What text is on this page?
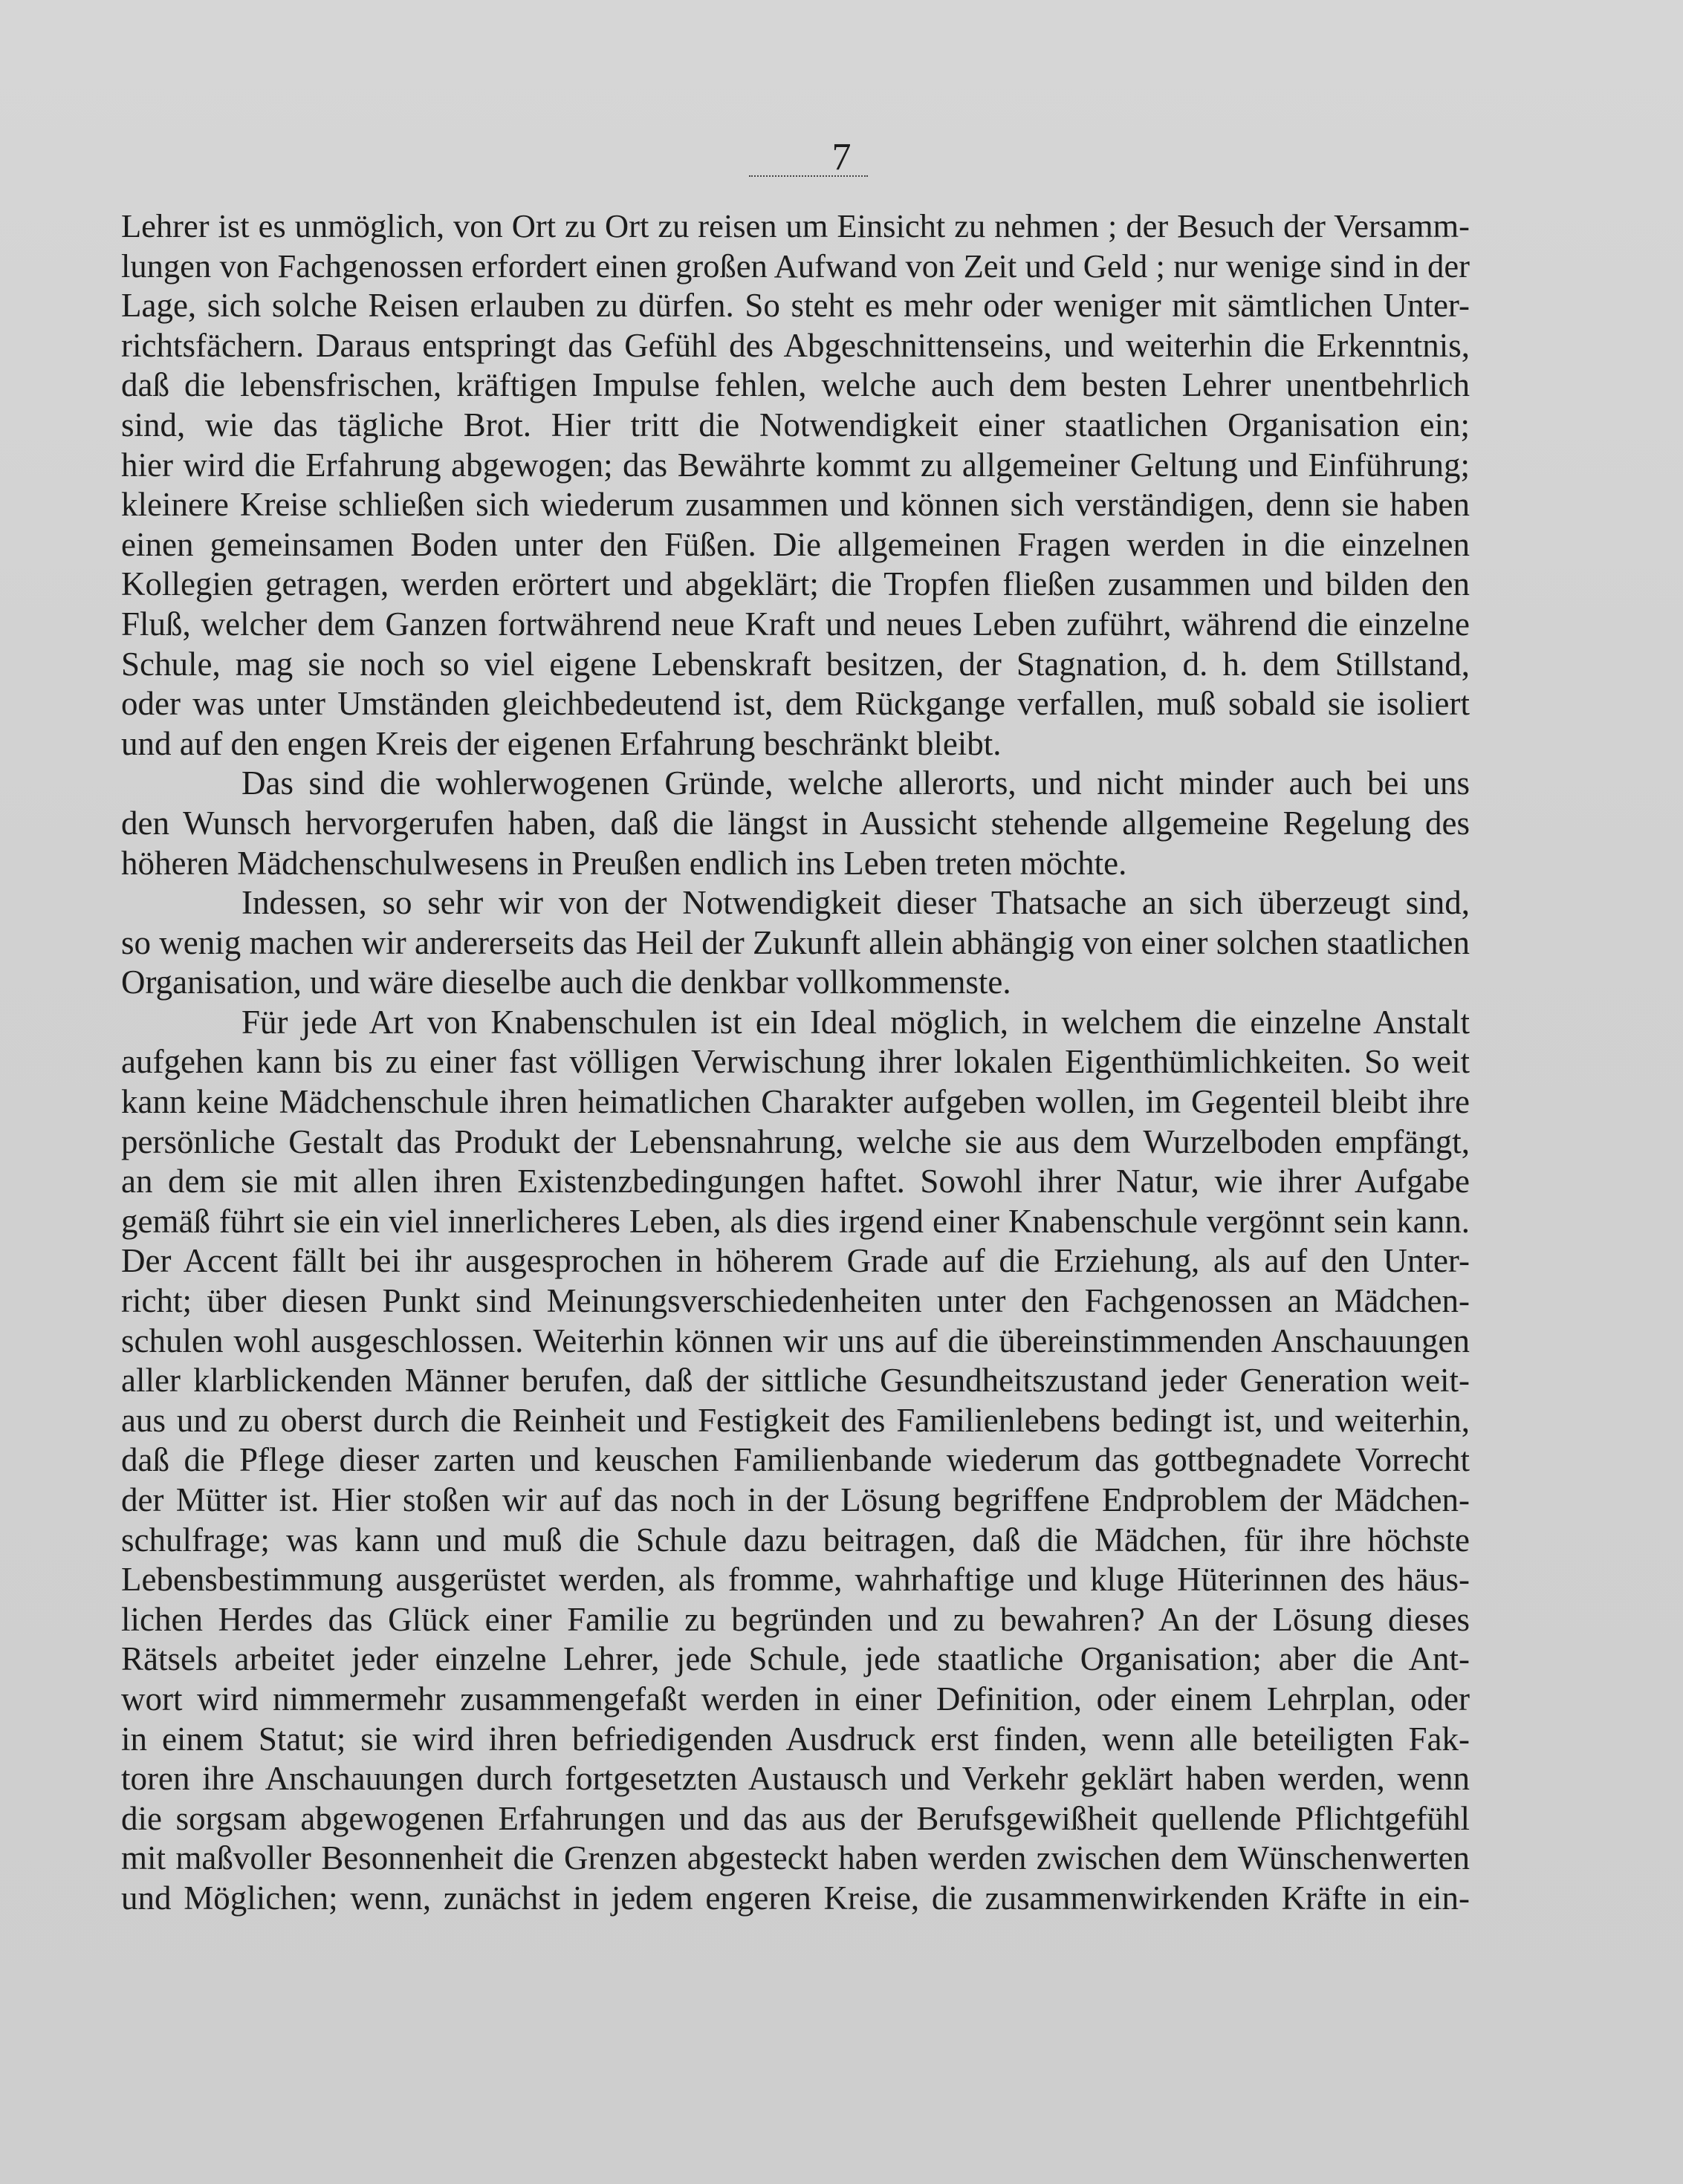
7
Lehrer ist es unmöglich, von Ort zu Ort zu reisen um Einsicht zu nehmen ; der Besuch der Versamm-
lungen von Fachgenossen erfordert einen großen Aufwand von Zeit und Geld ; nur wenige sind in der
Lage, sich solche Reisen erlauben zu dürfen. So steht es mehr oder weniger mit sämtlichen Unter-
richtsfächern. Daraus entspringt das Gefühl des Abgeschnittenseins, und weiterhin die Erkenntnis,
daß die lebensfrischen, kräftigen Impulse fehlen, welche auch dem besten Lehrer unentbehrlich
sind, wie das tägliche Brot. Hier tritt die Notwendigkeit einer staatlichen Organisation ein;
hier wird die Erfahrung abgewogen; das Bewährte kommt zu allgemeiner Geltung und Einführung;
kleinere Kreise schließen sich wiederum zusammen und können sich verständigen, denn sie haben
einen gemeinsamen Boden unter den Füßen. Die allgemeinen Fragen werden in die einzelnen
Kollegien getragen, werden erörtert und abgeklärt; die Tropfen fließen zusammen und bilden den
Fluß, welcher dem Ganzen fortwährend neue Kraft und neues Leben zuführt, während die einzelne
Schule, mag sie noch so viel eigene Lebenskraft besitzen, der Stagnation, d. h. dem Stillstand,
oder was unter Umständen gleichbedeutend ist, dem Rückgange verfallen, muß sobald sie isoliert
und auf den engen Kreis der eigenen Erfahrung beschränkt bleibt.
Das sind die wohlerwogenen Gründe, welche allerorts, und nicht minder auch bei uns
den Wunsch hervorgerufen haben, daß die längst in Aussicht stehende allgemeine Regelung des
höheren Mädchenschulwesens in Preußen endlich ins Leben treten möchte.
Indessen, so sehr wir von der Notwendigkeit dieser Thatsache an sich überzeugt sind,
so wenig machen wir andererseits das Heil der Zukunft allein abhängig von einer solchen staatlichen
Organisation, und wäre dieselbe auch die denkbar vollkommenste.
Für jede Art von Knabenschulen ist ein Ideal möglich, in welchem die einzelne Anstalt
aufgehen kann bis zu einer fast völligen Verwischung ihrer lokalen Eigenthümlichkeiten. So weit
kann keine Mädchenschule ihren heimatlichen Charakter aufgeben wollen, im Gegenteil bleibt ihre
persönliche Gestalt das Produkt der Lebensnahrung, welche sie aus dem Wurzelboden empfängt,
an dem sie mit allen ihren Existenzbedingungen haftet. Sowohl ihrer Natur, wie ihrer Aufgabe
gemäß führt sie ein viel innerlicheres Leben, als dies irgend einer Knabenschule vergönnt sein kann.
Der Accent fällt bei ihr ausgesprochen in höherem Grade auf die Erziehung, als auf den Unter-
richt; über diesen Punkt sind Meinungsverschiedenheiten unter den Fachgenossen an Mädchen-
schulen wohl ausgeschlossen. Weiterhin können wir uns auf die übereinstimmenden Anschauungen
aller klarblickenden Männer berufen, daß der sittliche Gesundheitszustand jeder Generation weit-
aus und zu oberst durch die Reinheit und Festigkeit des Familienlebens bedingt ist, und weiterhin,
daß die Pflege dieser zarten und keuschen Familienbande wiederum das gottbegnadete Vorrecht
der Mütter ist. Hier stoßen wir auf das noch in der Lösung begriffene Endproblem der Mädchen-
schulfrage; was kann und muß die Schule dazu beitragen, daß die Mädchen, für ihre höchste
Lebensbestimmung ausgerüstet werden, als fromme, wahrhaftige und kluge Hüterinnen des häus-
lichen Herdes das Glück einer Familie zu begründen und zu bewahren? An der Lösung dieses
Rätsels arbeitet jeder einzelne Lehrer, jede Schule, jede staatliche Organisation; aber die Ant-
wort wird nimmermehr zusammengefaßt werden in einer Definition, oder einem Lehrplan, oder
in einem Statut; sie wird ihren befriedigenden Ausdruck erst finden, wenn alle beteiligten Fak-
toren ihre Anschauungen durch fortgesetzten Austausch und Verkehr geklärt haben werden, wenn
die sorgsam abgewogenen Erfahrungen und das aus der Berufsgewißheit quellende Pflichtgefühl
mit maßvoller Besonnenheit die Grenzen abgesteckt haben werden zwischen dem Wünschenwerten
und Möglichen; wenn, zunächst in jedem engeren Kreise, die zusammenwirkenden Kräfte in ein-
